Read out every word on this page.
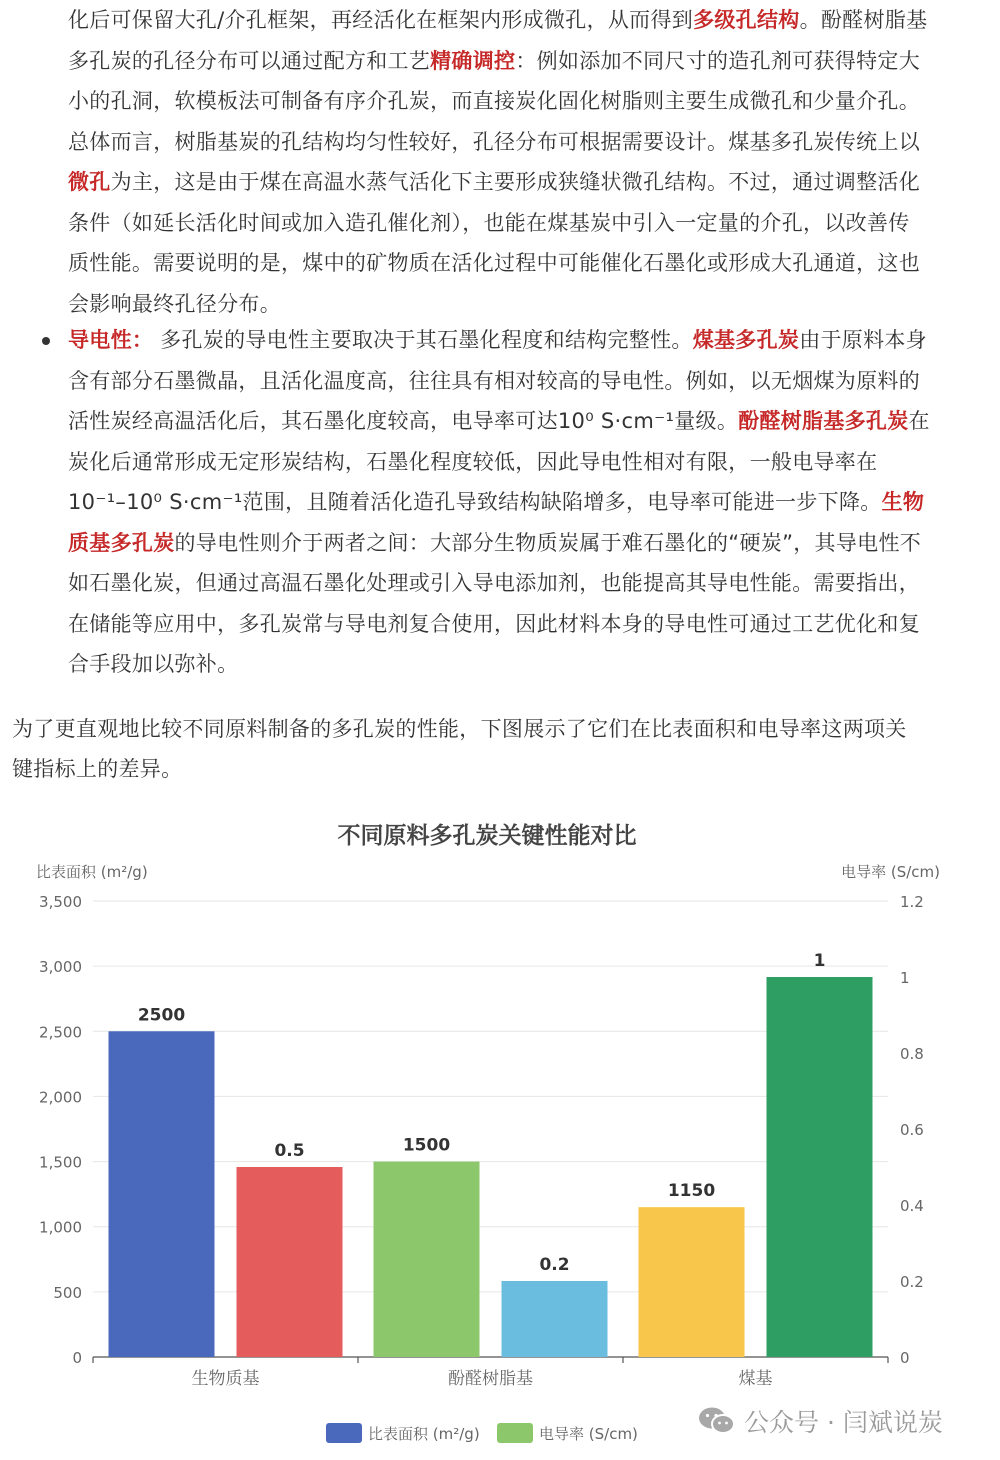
化后可保留大孔/介孔框架，再经活化在框架内形成微孔，从而得到多级孔结构。酚醛树脂基
多孔炭的孔径分布可以通过配方和工艺精确调控：例如添加不同尺寸的造孔剂可获得特定大
小的孔洞，软模板法可制备有序介孔炭，而直接炭化固化树脂则主要生成微孔和少量介孔。
总体而言，树脂基炭的孔结构均匀性较好，孔径分布可根据需要设计。煤基多孔炭传统上以
微孔为主，这是由于煤在高温水蒸气活化下主要形成狭缝状微孔结构。不过，通过调整活化
条件（如延长活化时间或加入造孔催化剂），也能在煤基炭中引入一定量的介孔，以改善传
质性能。需要说明的是，煤中的矿物质在活化过程中可能催化石墨化或形成大孔通道，这也
会影响最终孔径分布。
导电性： 多孔炭的导电性主要取决于其石墨化程度和结构完整性。煤基多孔炭由于原料本身
含有部分石墨微晶，且活化温度高，往往具有相对较高的导电性。例如，以无烟煤为原料的
活性炭经高温活化后，其石墨化度较高，电导率可达10⁰ S·cm⁻¹量级。酚醛树脂基多孔炭在
炭化后通常形成无定形炭结构，石墨化程度较低，因此导电性相对有限，一般电导率在
10⁻¹–10⁰ S·cm⁻¹范围，且随着活化造孔导致结构缺陷增多，电导率可能进一步下降。生物
质基多孔炭的导电性则介于两者之间：大部分生物质炭属于难石墨化的“硬炭”，其导电性不
如石墨化炭，但通过高温石墨化处理或引入导电添加剂，也能提高其导电性能。需要指出，
在储能等应用中，多孔炭常与导电剂复合使用，因此材料本身的导电性可通过工艺优化和复
合手段加以弥补。
为了更直观地比较不同原料制备的多孔炭的性能，下图展示了它们在比表面积和电导率这两项关
键指标上的差异。
不同原料多孔炭关键性能对比
比表面积 (m²/g)	电导率 (S/cm)
0
500
1,000
1,500
2,000
2,500
3,000
3,500
0
0.2
0.4
0.6
0.8
1
1.2
生物质基
2500
0.5
酚醛树脂基
1500
0.2
煤基
1150
1
比表面积 (m²/g)	电导率 (S/cm)	公众号 · 闫斌说炭
